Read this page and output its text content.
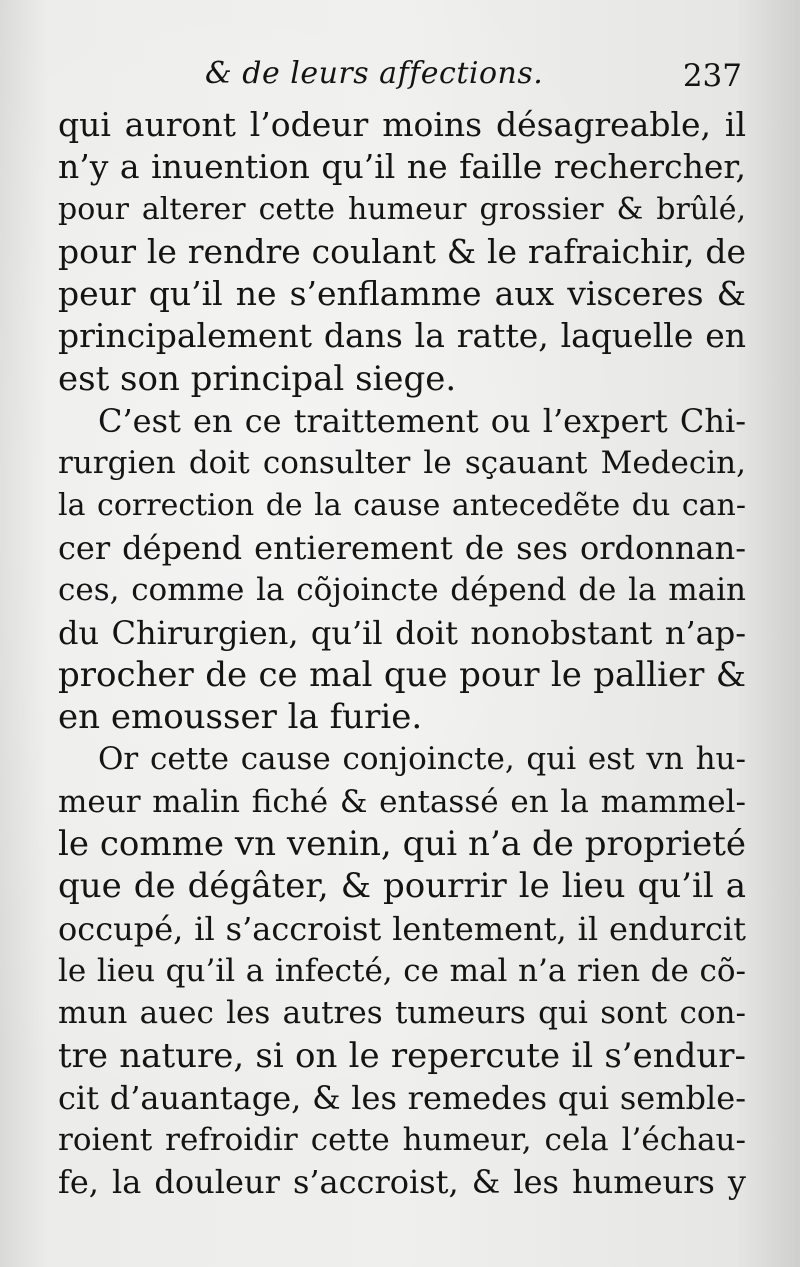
& de leurs affections.	237
qui auront l’odeur moins désagreable, il
n’y a inuention qu’il ne faille rechercher,
pour alterer cette humeur grossier & brûlé,
pour le rendre coulant & le rafraichir, de
peur qu’il ne s’enflamme aux visceres &
principalement dans la ratte, laquelle en
est son principal siege.
C’est en ce traittement ou l’expert Chi-
rurgien doit consulter le sçauant Medecin,
la correction de la cause antecedẽte du can-
cer dépend entierement de ses ordonnan-
ces, comme la cõjoincte dépend de la main
du Chirurgien, qu’il doit nonobstant n’ap-
procher de ce mal que pour le pallier &
en emousser la furie.
Or cette cause conjoincte, qui est vn hu-
meur malin fiché & entassé en la mammel-
le comme vn venin, qui n’a de proprieté
que de dégâter, & pourrir le lieu qu’il a
occupé, il s’accroist lentement, il endurcit
le lieu qu’il a infecté, ce mal n’a rien de cõ-
mun auec les autres tumeurs qui sont con-
tre nature, si on le repercute il s’endur-
cit d’auantage, & les remedes qui semble-
roient refroidir cette humeur, cela l’échau-
fe, la douleur s’accroist, & les humeurs y
